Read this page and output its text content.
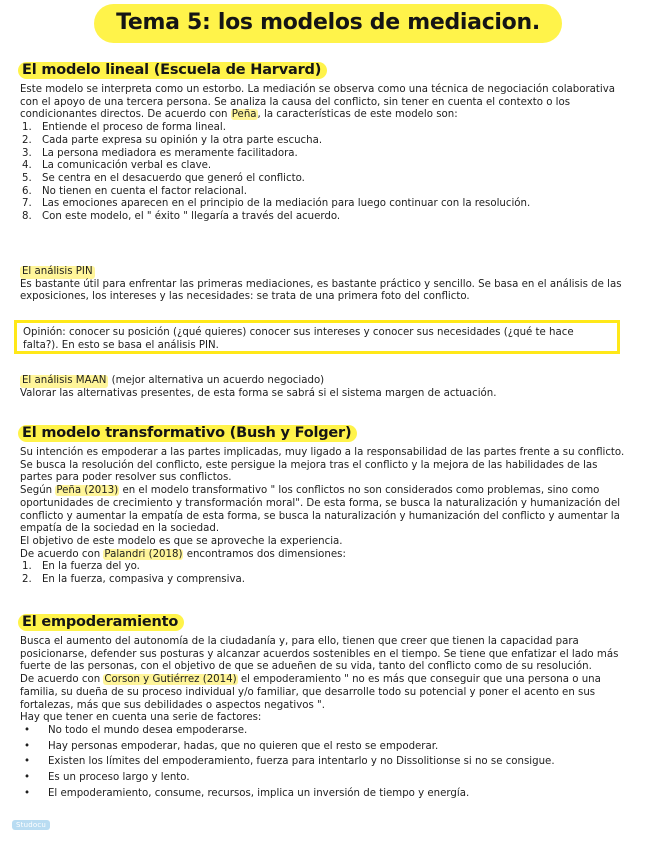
Tema 5: los modelos de mediacion.
El modelo lineal (Escuela de Harvard)

Este modelo se interpreta como un estorbo. La mediación se observa como una técnica de negociación colaborativa con el apoyo de una tercera persona. Se analiza la causa del conflicto, sin tener en cuenta el contexto o los condicionantes directos. De acuerdo con Peña, la características de este modelo son:

1. Entiende el proceso de forma lineal.
2. Cada parte expresa su opinión y la otra parte escucha.
3. La persona mediadora es meramente facilitadora.
4. La comunicación verbal es clave.
5. Se centra en el desacuerdo que generó el conflicto.
6. No tienen en cuenta el factor relacional.
7. Las emociones aparecen en el principio de la mediación para luego continuar con la resolución.
8. Con este modelo, el " éxito " llegaría a través del acuerdo.

El análisis PIN

Es bastante útil para enfrentar las primeras mediaciones, es bastante práctico y sencillo. Se basa en el análisis de las exposiciones, los intereses y las necesidades: se trata de una primera foto del conflicto.

Opinión: conocer su posición (¿qué quieres) conocer sus intereses y conocer sus necesidades (¿qué te hace falta?). En esto se basa el análisis PIN.

El análisis MAAN (mejor alternativa un acuerdo negociado)

Valorar las alternativas presentes, de esta forma se sabrá si el sistema margen de actuación.

El modelo transformativo (Bush y Folger)

Su intención es empoderar a las partes implicadas, muy ligado a la responsabilidad de las partes frente a su conflicto. Se busca la resolución del conflicto, este persigue la mejora tras el conflicto y la mejora de las habilidades de las partes para poder resolver sus conflictos.

Según Peña (2013) en el modelo transformativo " los conflictos no son considerados como problemas, sino como oportunidades de crecimiento y transformación moral". De esta forma, se busca la naturalización y humanización del conflicto y aumentar la empatía de esta forma, se busca la naturalización y humanización del conflicto y aumentar la empatía de la sociedad en la sociedad.

El objetivo de este modelo es que se aproveche la experiencia.

De acuerdo con Palandri (2018) encontramos dos dimensiones:

1. En la fuerza del yo.
2. En la fuerza, compasiva y comprensiva.
El empoderamiento

Busca el aumento del autonomía de la ciudadanía y, para ello, tienen que creer que tienen la capacidad para posicionarse, defender sus posturas y alcanzar acuerdos sostenibles en el tiempo. Se tiene que enfatizar el lado más fuerte de las personas, con el objetivo de que se adueñen de su vida, tanto del conflicto como de su resolución.

De acuerdo con Corson y Gutiérrez (2014) el empoderamiento " no es más que conseguir que una persona o una familia, su dueña de su proceso individual y/o familiar, que desarrolle todo su potencial y poner el acento en sus fortalezas, más que sus debilidades o aspectos negativos ".

Hay que tener en cuenta una serie de factores:

• No todo el mundo desea empoderarse.
• Hay personas empoderar, hadas, que no quieren que el resto se empoderar.
• Existen los límites del empoderamiento, fuerza para intentarlo y no Dissolitionse si no se consigue.
• Es un proceso largo y lento.
• El empoderamiento, consume, recursos, implica un inversión de tiempo y energía.
Studocu
